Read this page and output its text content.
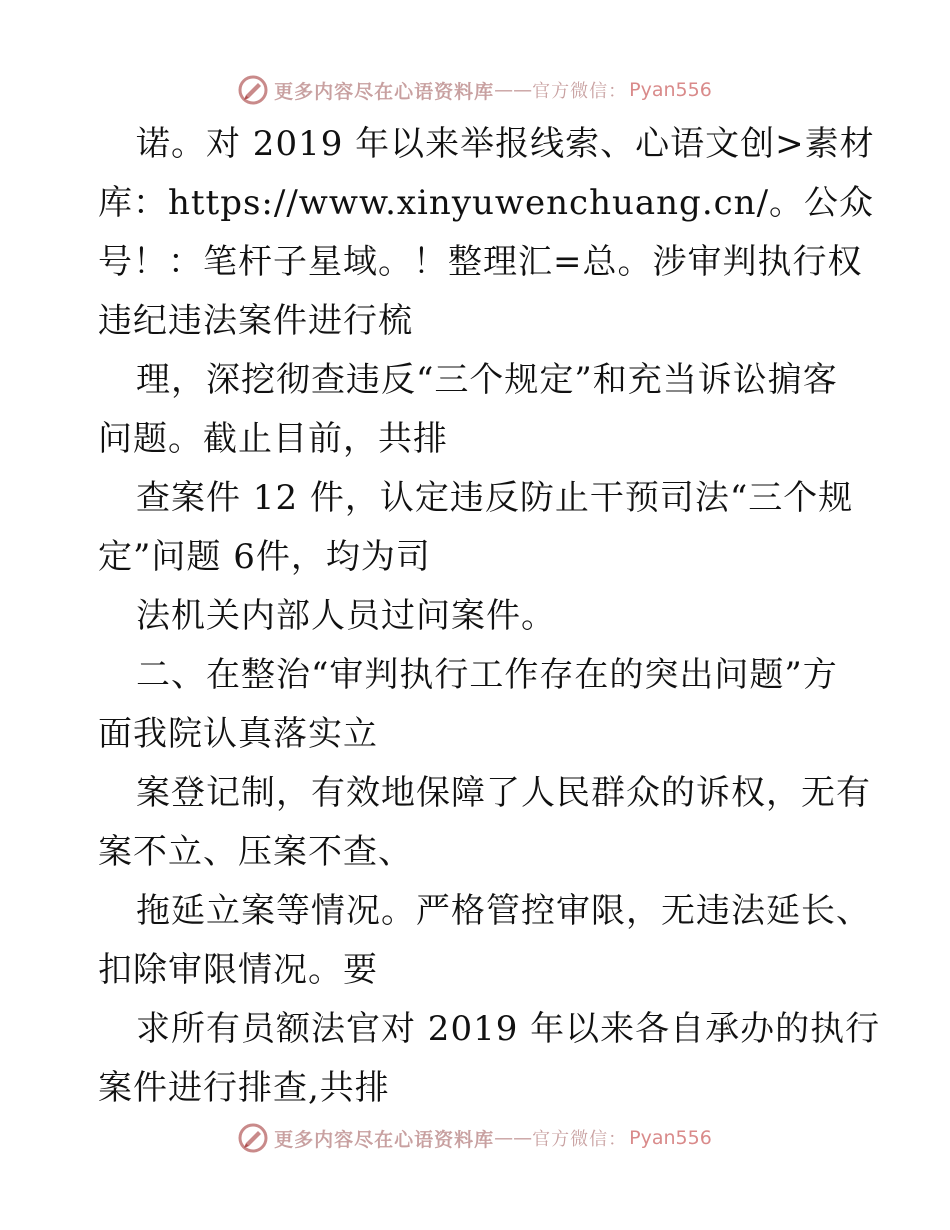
更多内容尽在心语资料库 —— 官方微信： Pyan556
诺。对 2019 年以来举报线索、心语文创>素材
库：https://www.xinyuwenchuang.cn/。公众
号！：笔杆子星域。！整理汇=总。涉审判执行权
违纪违法案件进行梳
理，深挖彻查违反“三个规定”和充当诉讼掮客
问题。截止目前，共排
查案件 12 件，认定违反防止干预司法“三个规
定”问题 6件，均为司
法机关内部人员过问案件。
二、在整治“审判执行工作存在的突出问题”方
面我院认真落实立
案登记制，有效地保障了人民群众的诉权，无有
案不立、压案不查、
拖延立案等情况。严格管控审限，无违法延长、
扣除审限情况。要
求所有员额法官对 2019 年以来各自承办的执行
案件进行排查,共排
更多内容尽在心语资料库 —— 官方微信： Pyan556
